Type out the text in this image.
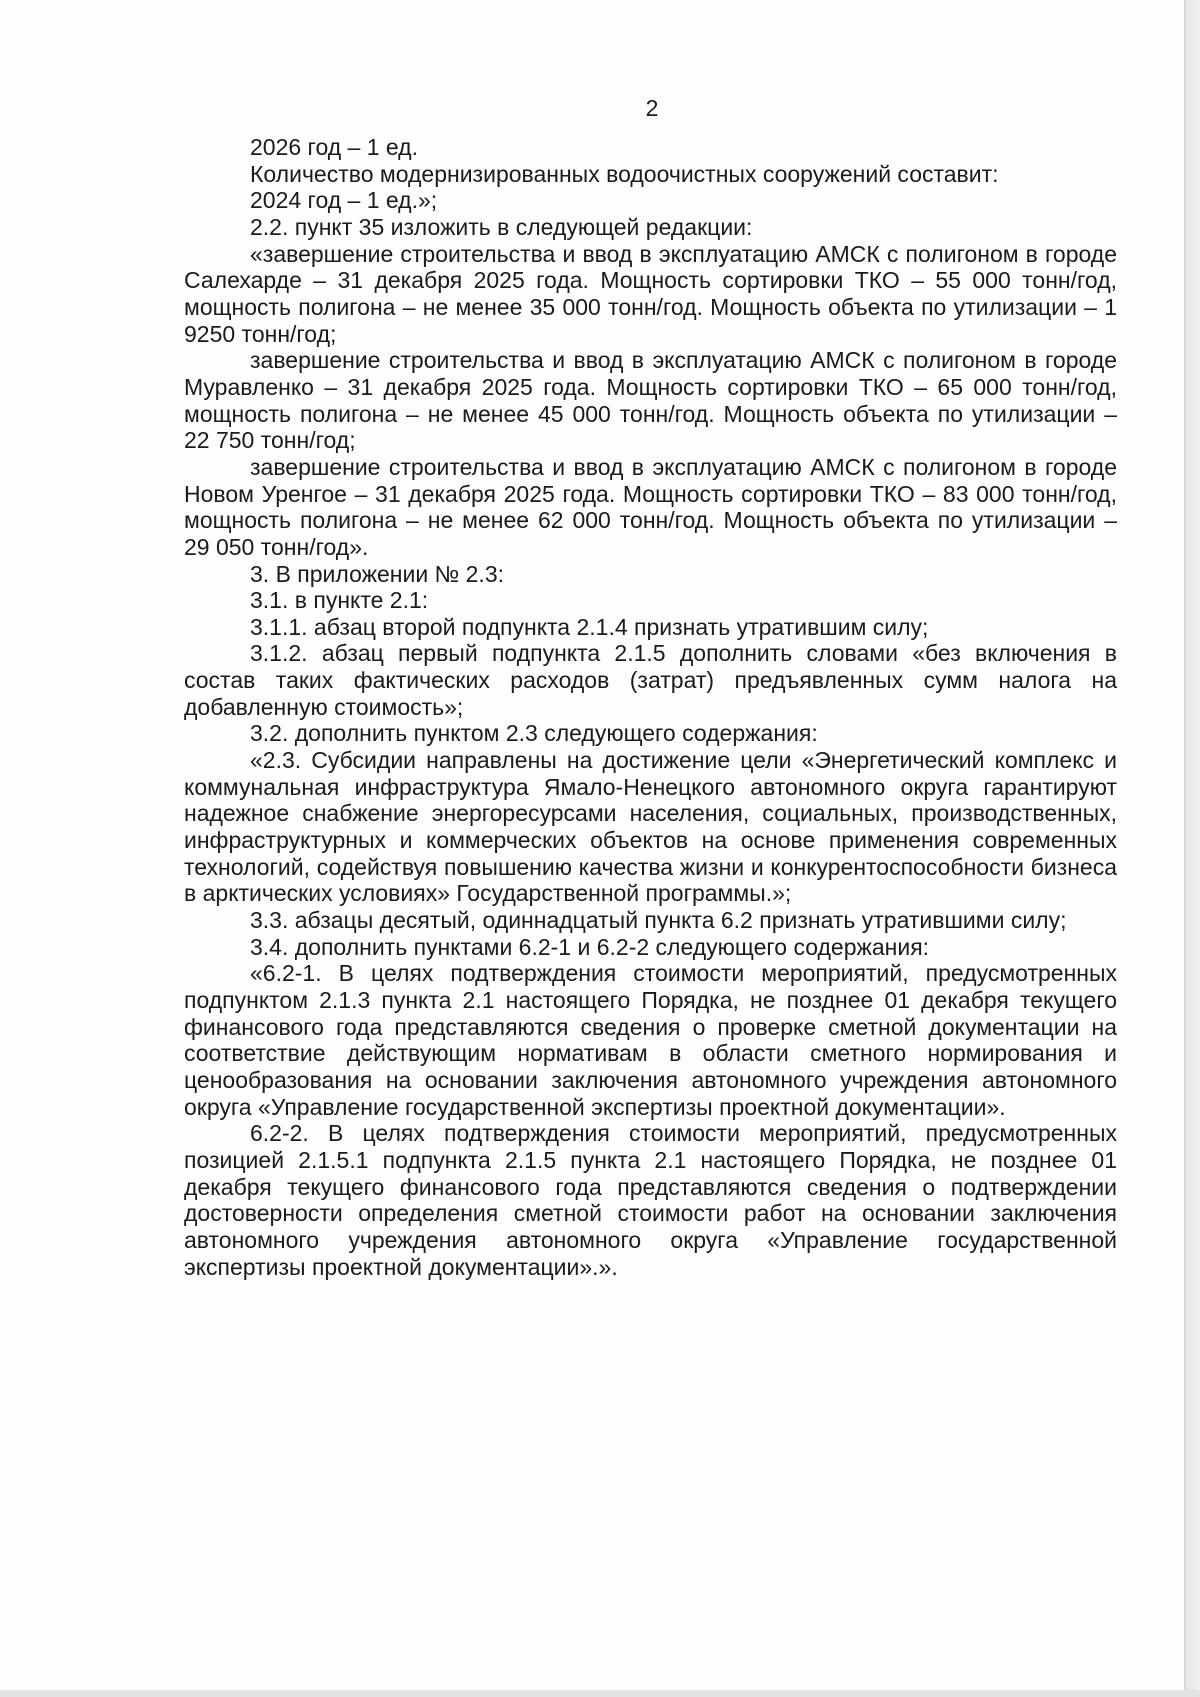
2

2026 год – 1 ед.

Количество модернизированных водоочистных сооружений составит:

2024 год – 1 ед.»;

2.2. пункт 35 изложить в следующей редакции:

«завершение строительства и ввод в эксплуатацию АМСК с полигоном в городе Салехарде – 31 декабря 2025 года. Мощность сортировки ТКО – 55 000 тонн/год, мощность полигона – не менее 35 000 тонн/год. Мощность объекта по утилизации – 1 9250 тонн/год;

завершение строительства и ввод в эксплуатацию АМСК с полигоном в городе Муравленко – 31 декабря 2025 года. Мощность сортировки ТКО – 65 000 тонн/год, мощность полигона – не менее 45 000 тонн/год. Мощность объекта по утилизации – 22 750 тонн/год;

завершение строительства и ввод в эксплуатацию АМСК с полигоном в городе Новом Уренгое – 31 декабря 2025 года. Мощность сортировки ТКО – 83 000 тонн/год, мощность полигона – не менее 62 000 тонн/год. Мощность объекта по утилизации – 29 050 тонн/год».

3. В приложении № 2.3:

3.1. в пункте 2.1:

3.1.1. абзац второй подпункта 2.1.4 признать утратившим силу;

3.1.2. абзац первый подпункта 2.1.5 дополнить словами «без включения в состав таких фактических расходов (затрат) предъявленных сумм налога на добавленную стоимость»;

3.2. дополнить пунктом 2.3 следующего содержания:

«2.3. Субсидии направлены на достижение цели «Энергетический комплекс и коммунальная инфраструктура Ямало-Ненецкого автономного округа гарантируют надежное снабжение энергоресурсами населения, социальных, производственных, инфраструктурных и коммерческих объектов на основе применения современных технологий, содействуя повышению качества жизни и конкурентоспособности бизнеса в арктических условиях» Государственной программы.»;

3.3. абзацы десятый, одиннадцатый пункта 6.2 признать утратившими силу;

3.4. дополнить пунктами 6.2-1 и 6.2-2 следующего содержания:

«6.2-1. В целях подтверждения стоимости мероприятий, предусмотренных подпунктом 2.1.3 пункта 2.1 настоящего Порядка, не позднее 01 декабря текущего финансового года представляются сведения о проверке сметной документации на соответствие действующим нормативам в области сметного нормирования и ценообразования на основании заключения автономного учреждения автономного округа «Управление государственной экспертизы проектной документации».

6.2-2. В целях подтверждения стоимости мероприятий, предусмотренных позицией 2.1.5.1 подпункта 2.1.5 пункта 2.1 настоящего Порядка, не позднее 01 декабря текущего финансового года представляются сведения о подтверждении достоверности определения сметной стоимости работ на основании заключения автономного учреждения автономного округа «Управление государственной экспертизы проектной документации».».
